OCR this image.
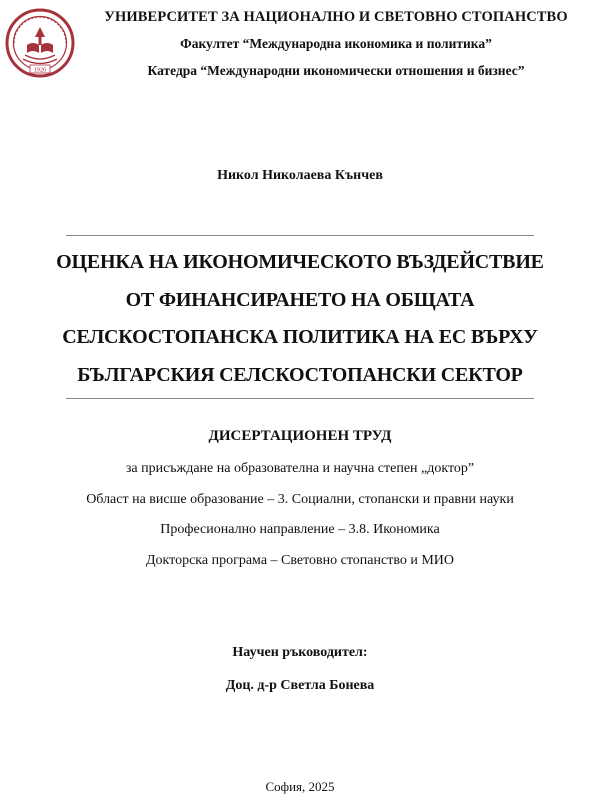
1920
УНИВЕРСИТЕТ ЗА НАЦИОНАЛНО И СВЕТОВНО СТОПАНСТВО
Факултет “Международна икономика и политика”
Катедра “Международни икономически отношения и бизнес”
Никол Николаева Кънчев
ОЦЕНКА НА ИКОНОМИЧЕСКОТО ВЪЗДЕЙСТВИЕ
ОТ ФИНАНСИРАНЕТО НА ОБЩАТА
СЕЛСКОСТОПАНСКА ПОЛИТИКА НА ЕС ВЪРХУ
БЪЛГАРСКИЯ СЕЛСКОСТОПАНСКИ СЕКТОР
ДИСЕРТАЦИОНЕН ТРУД
за присъждане на образователна и научна степен „доктор”
Област на висше образование – 3. Социални, стопански и правни науки
Професионално направление – 3.8. Икономика
Докторска програма – Световно стопанство и МИО
Научен ръководител:
Доц. д-р Светла Бонева
София, 2025
